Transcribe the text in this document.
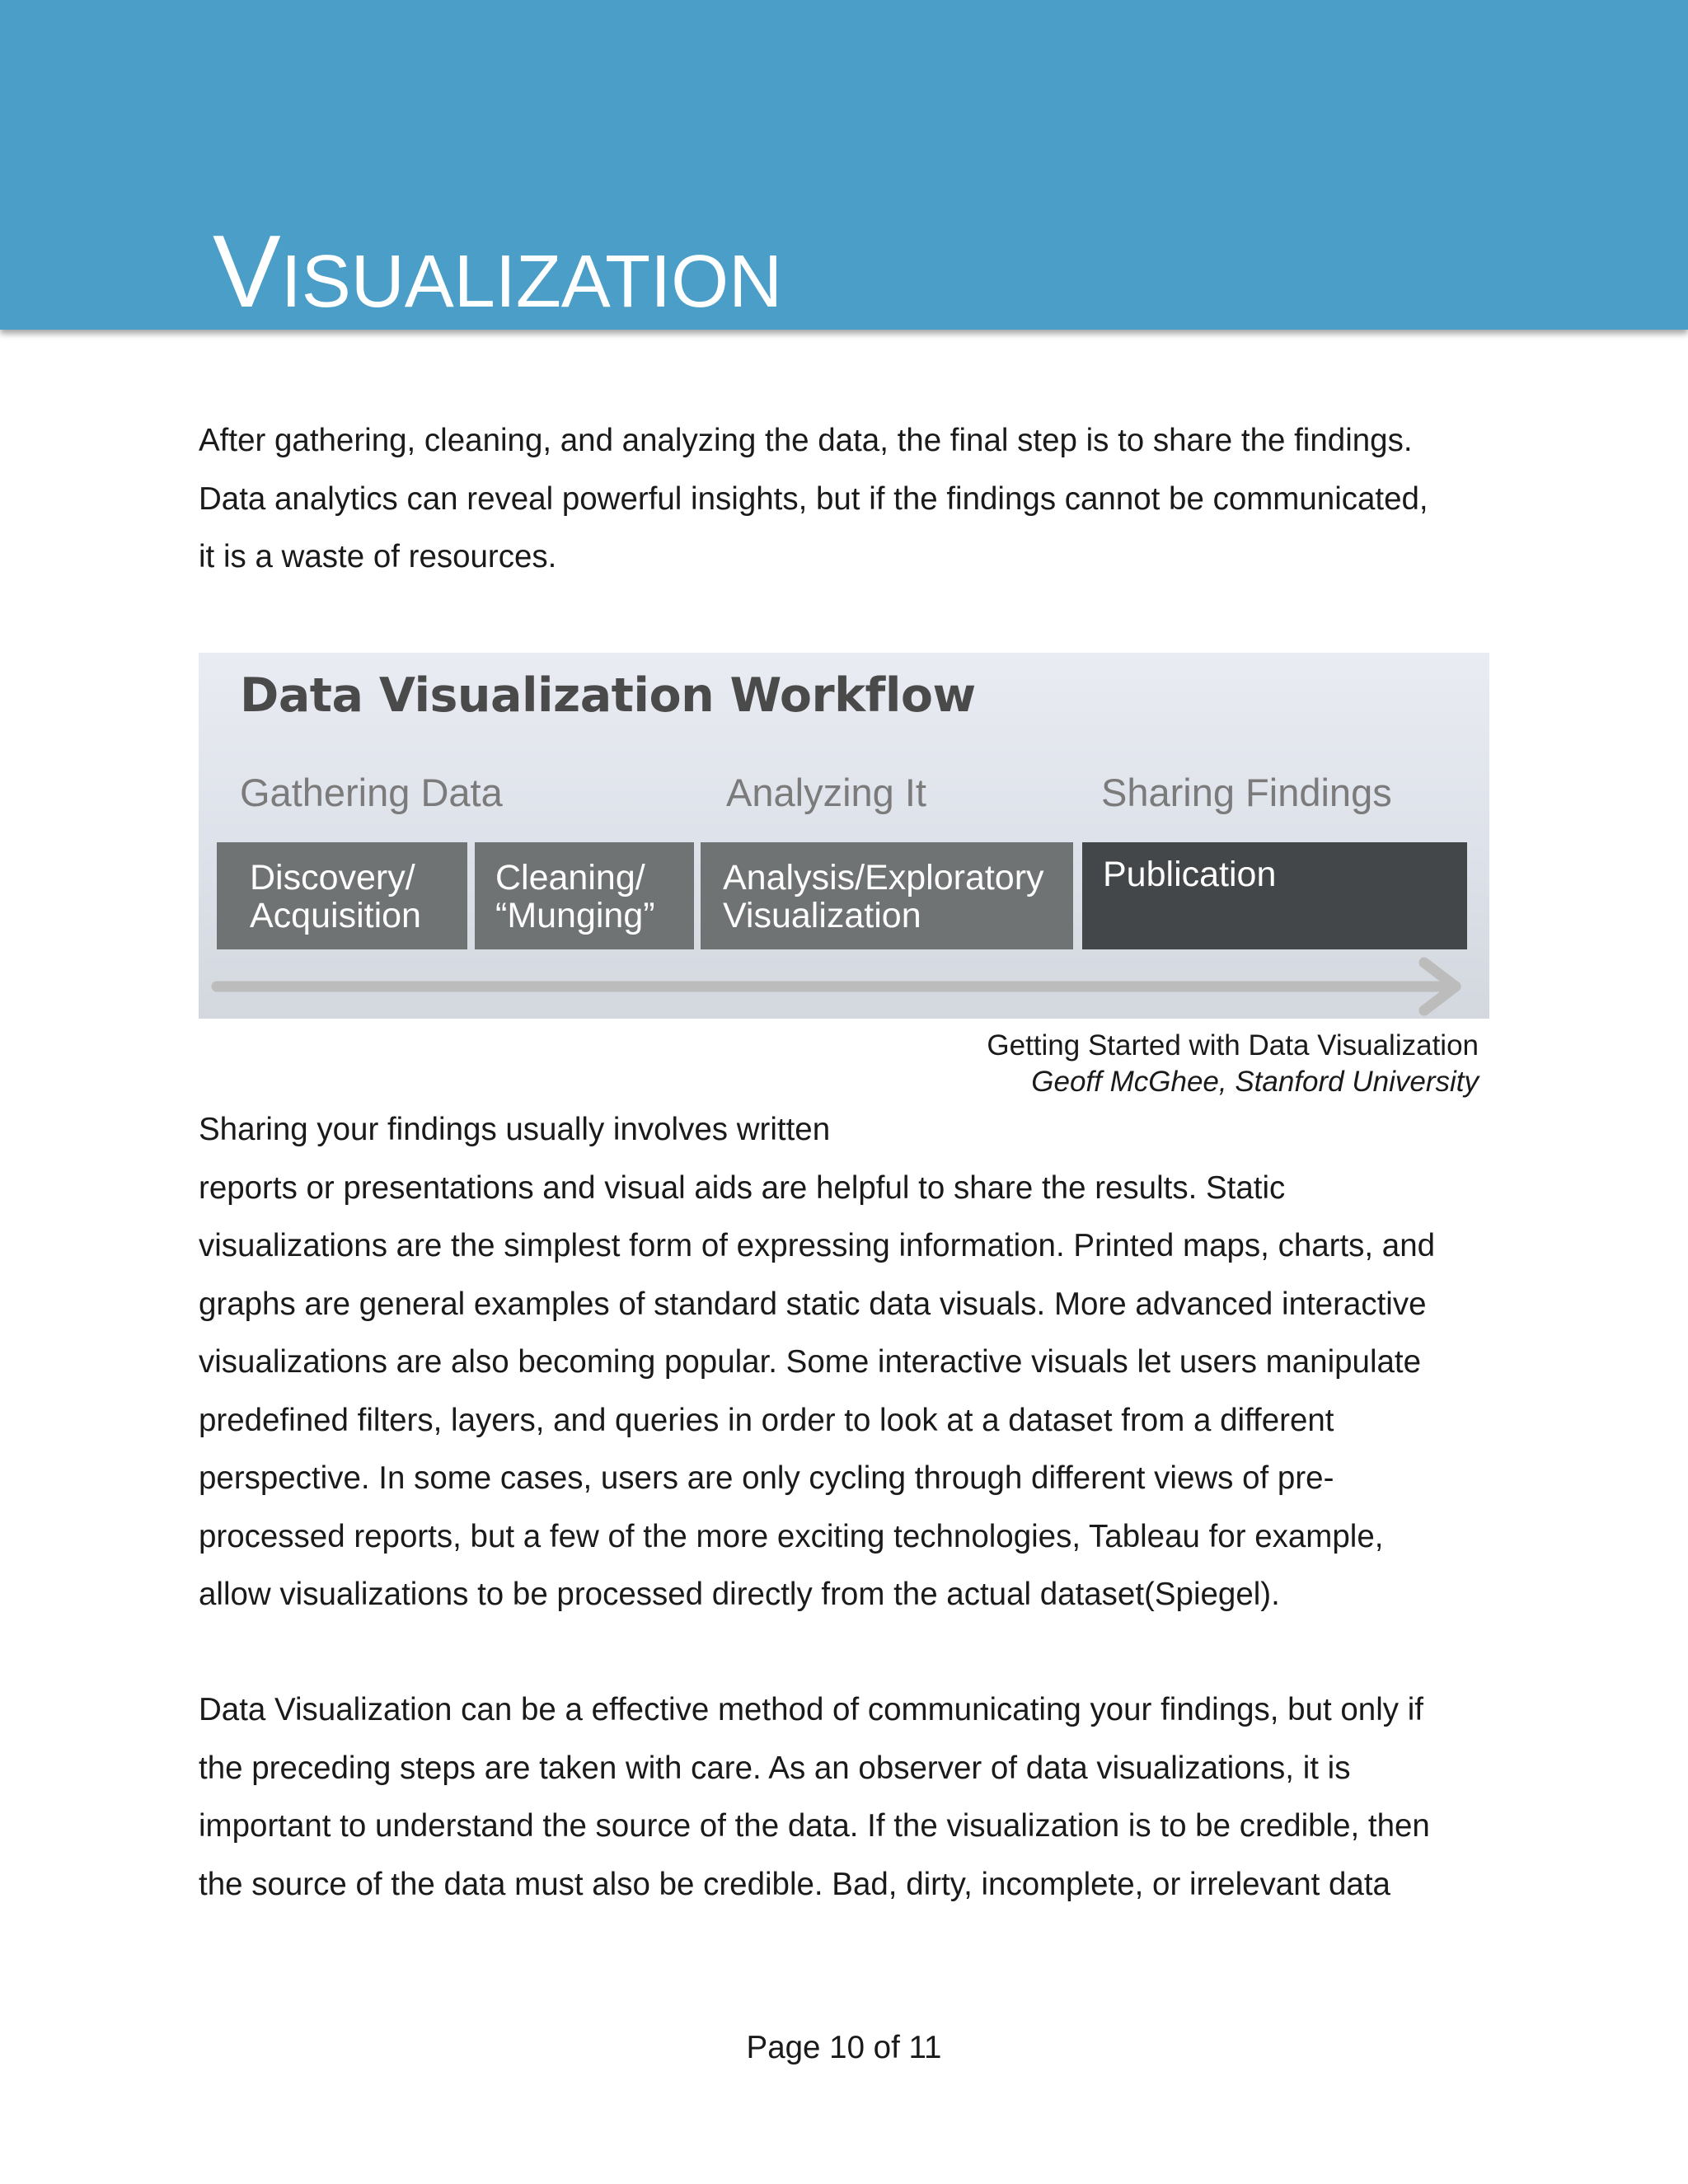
VISUALIZATION
After gathering, cleaning, and analyzing the data, the final step is to share the findings.
Data analytics can reveal powerful insights, but if the findings cannot be communicated,
it is a waste of resources.
Data Visualization Workflow
Gathering Data	Analyzing It	Sharing Findings
Discovery/
Acquisition
Cleaning/
“Munging”
Analysis/Exploratory
Visualization
Publication
Getting Started with Data Visualization
Geoff McGhee, Stanford University
Sharing your findings usually involves written
reports or presentations and visual aids are helpful to share the results. Static
visualizations are the simplest form of expressing information. Printed maps, charts, and
graphs are general examples of standard static data visuals. More advanced interactive
visualizations are also becoming popular. Some interactive visuals let users manipulate
predefined filters, layers, and queries in order to look at a dataset from a different
perspective. In some cases, users are only cycling through different views of pre-
processed reports, but a few of the more exciting technologies, Tableau for example,
allow visualizations to be processed directly from the actual dataset(Spiegel).
Data Visualization can be a effective method of communicating your findings, but only if
the preceding steps are taken with care. As an observer of data visualizations, it is
important to understand the source of the data. If the visualization is to be credible, then
the source of the data must also be credible. Bad, dirty, incomplete, or irrelevant data
Page 10 of 11
